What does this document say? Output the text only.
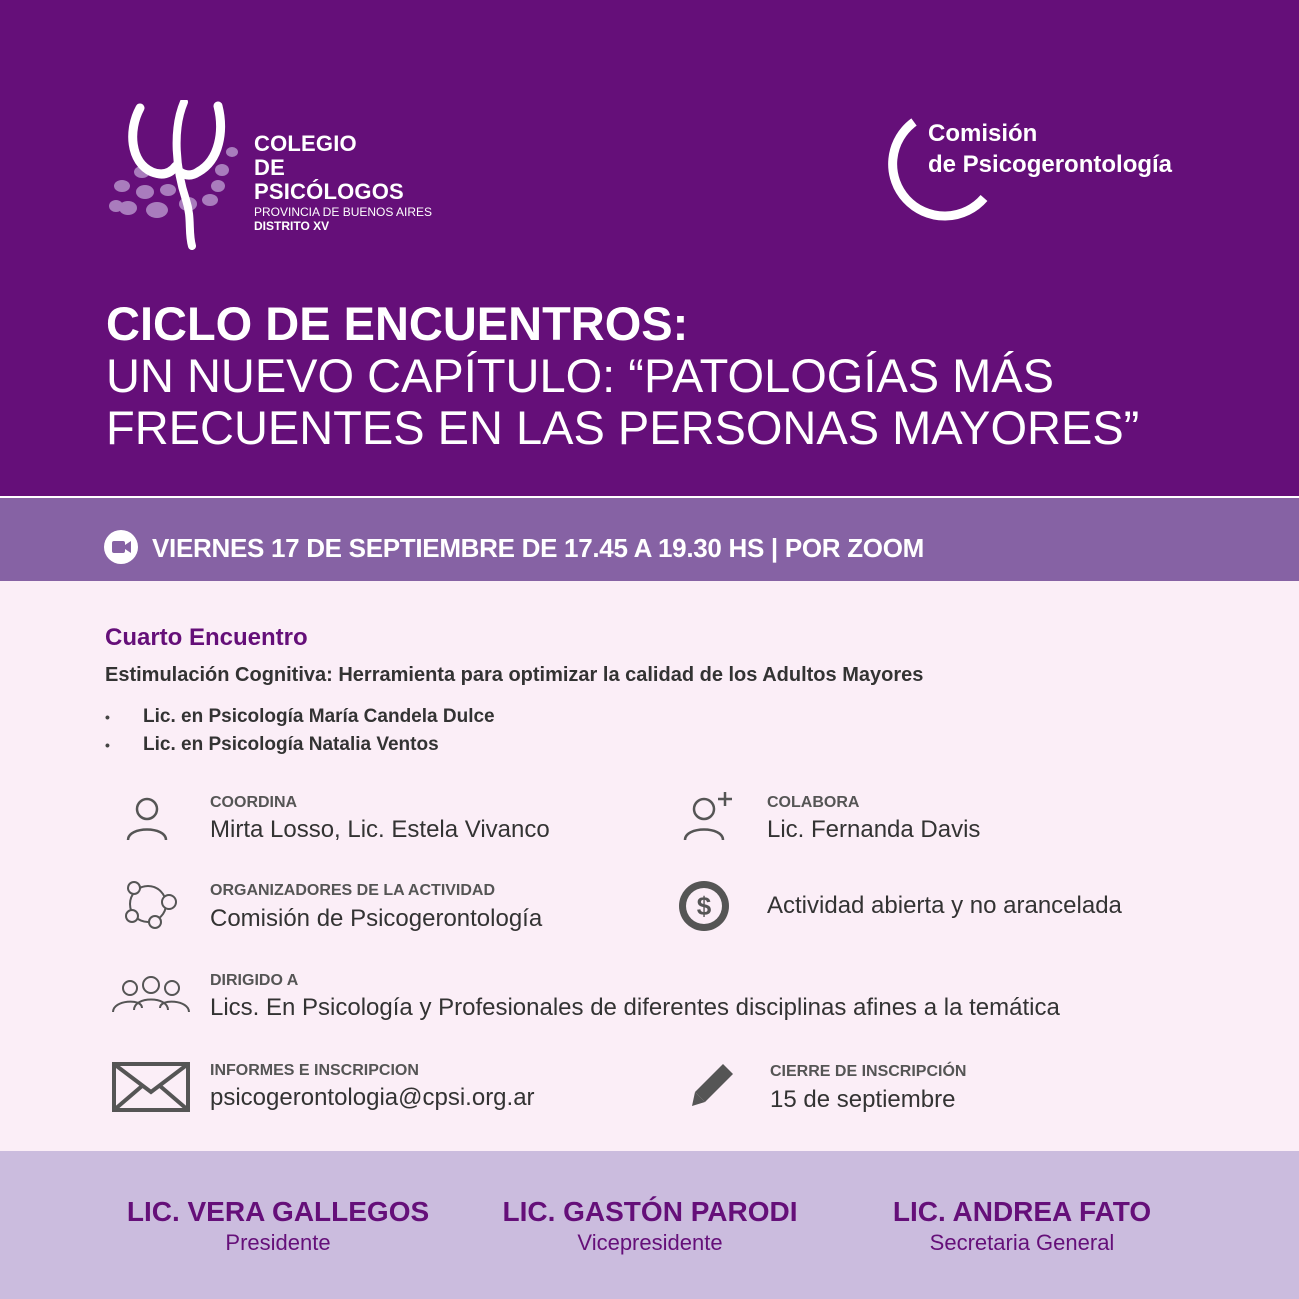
COLEGIO
DE PSICÓLOGOS
PROVINCIA DE BUENOS AIRES
DISTRITO XV
Comisión
de Psicogerontología
CICLO DE ENCUENTROS:
UN NUEVO CAPÍTULO: “PATOLOGÍAS MÁS
FRECUENTES EN LAS PERSONAS MAYORES”
VIERNES 17 DE SEPTIEMBRE DE 17.45 A 19.30 HS | POR ZOOM
Cuarto Encuentro
Estimulación Cognitiva: Herramienta para optimizar la calidad de los Adultos Mayores
• Lic. en Psicología María Candela Dulce
• Lic. en Psicología Natalia Ventos
COORDINA
Mirta Losso, Lic. Estela Vivanco
COLABORA
Lic. Fernanda Davis
ORGANIZADORES DE LA ACTIVIDAD
Comisión de Psicogerontología	$ Actividad abierta y no arancelada
DIRIGIDO A
Lics. En Psicología y Profesionales de diferentes disciplinas afines a la temática
INFORMES E INSCRIPCION
psicogerontologia@cpsi.org.ar
CIERRE DE INSCRIPCIÓN
15 de septiembre
LIC. VERA GALLEGOS
Presidente
LIC. GASTÓN PARODI
Vicepresidente
LIC. ANDREA FATO
Secretaria General
